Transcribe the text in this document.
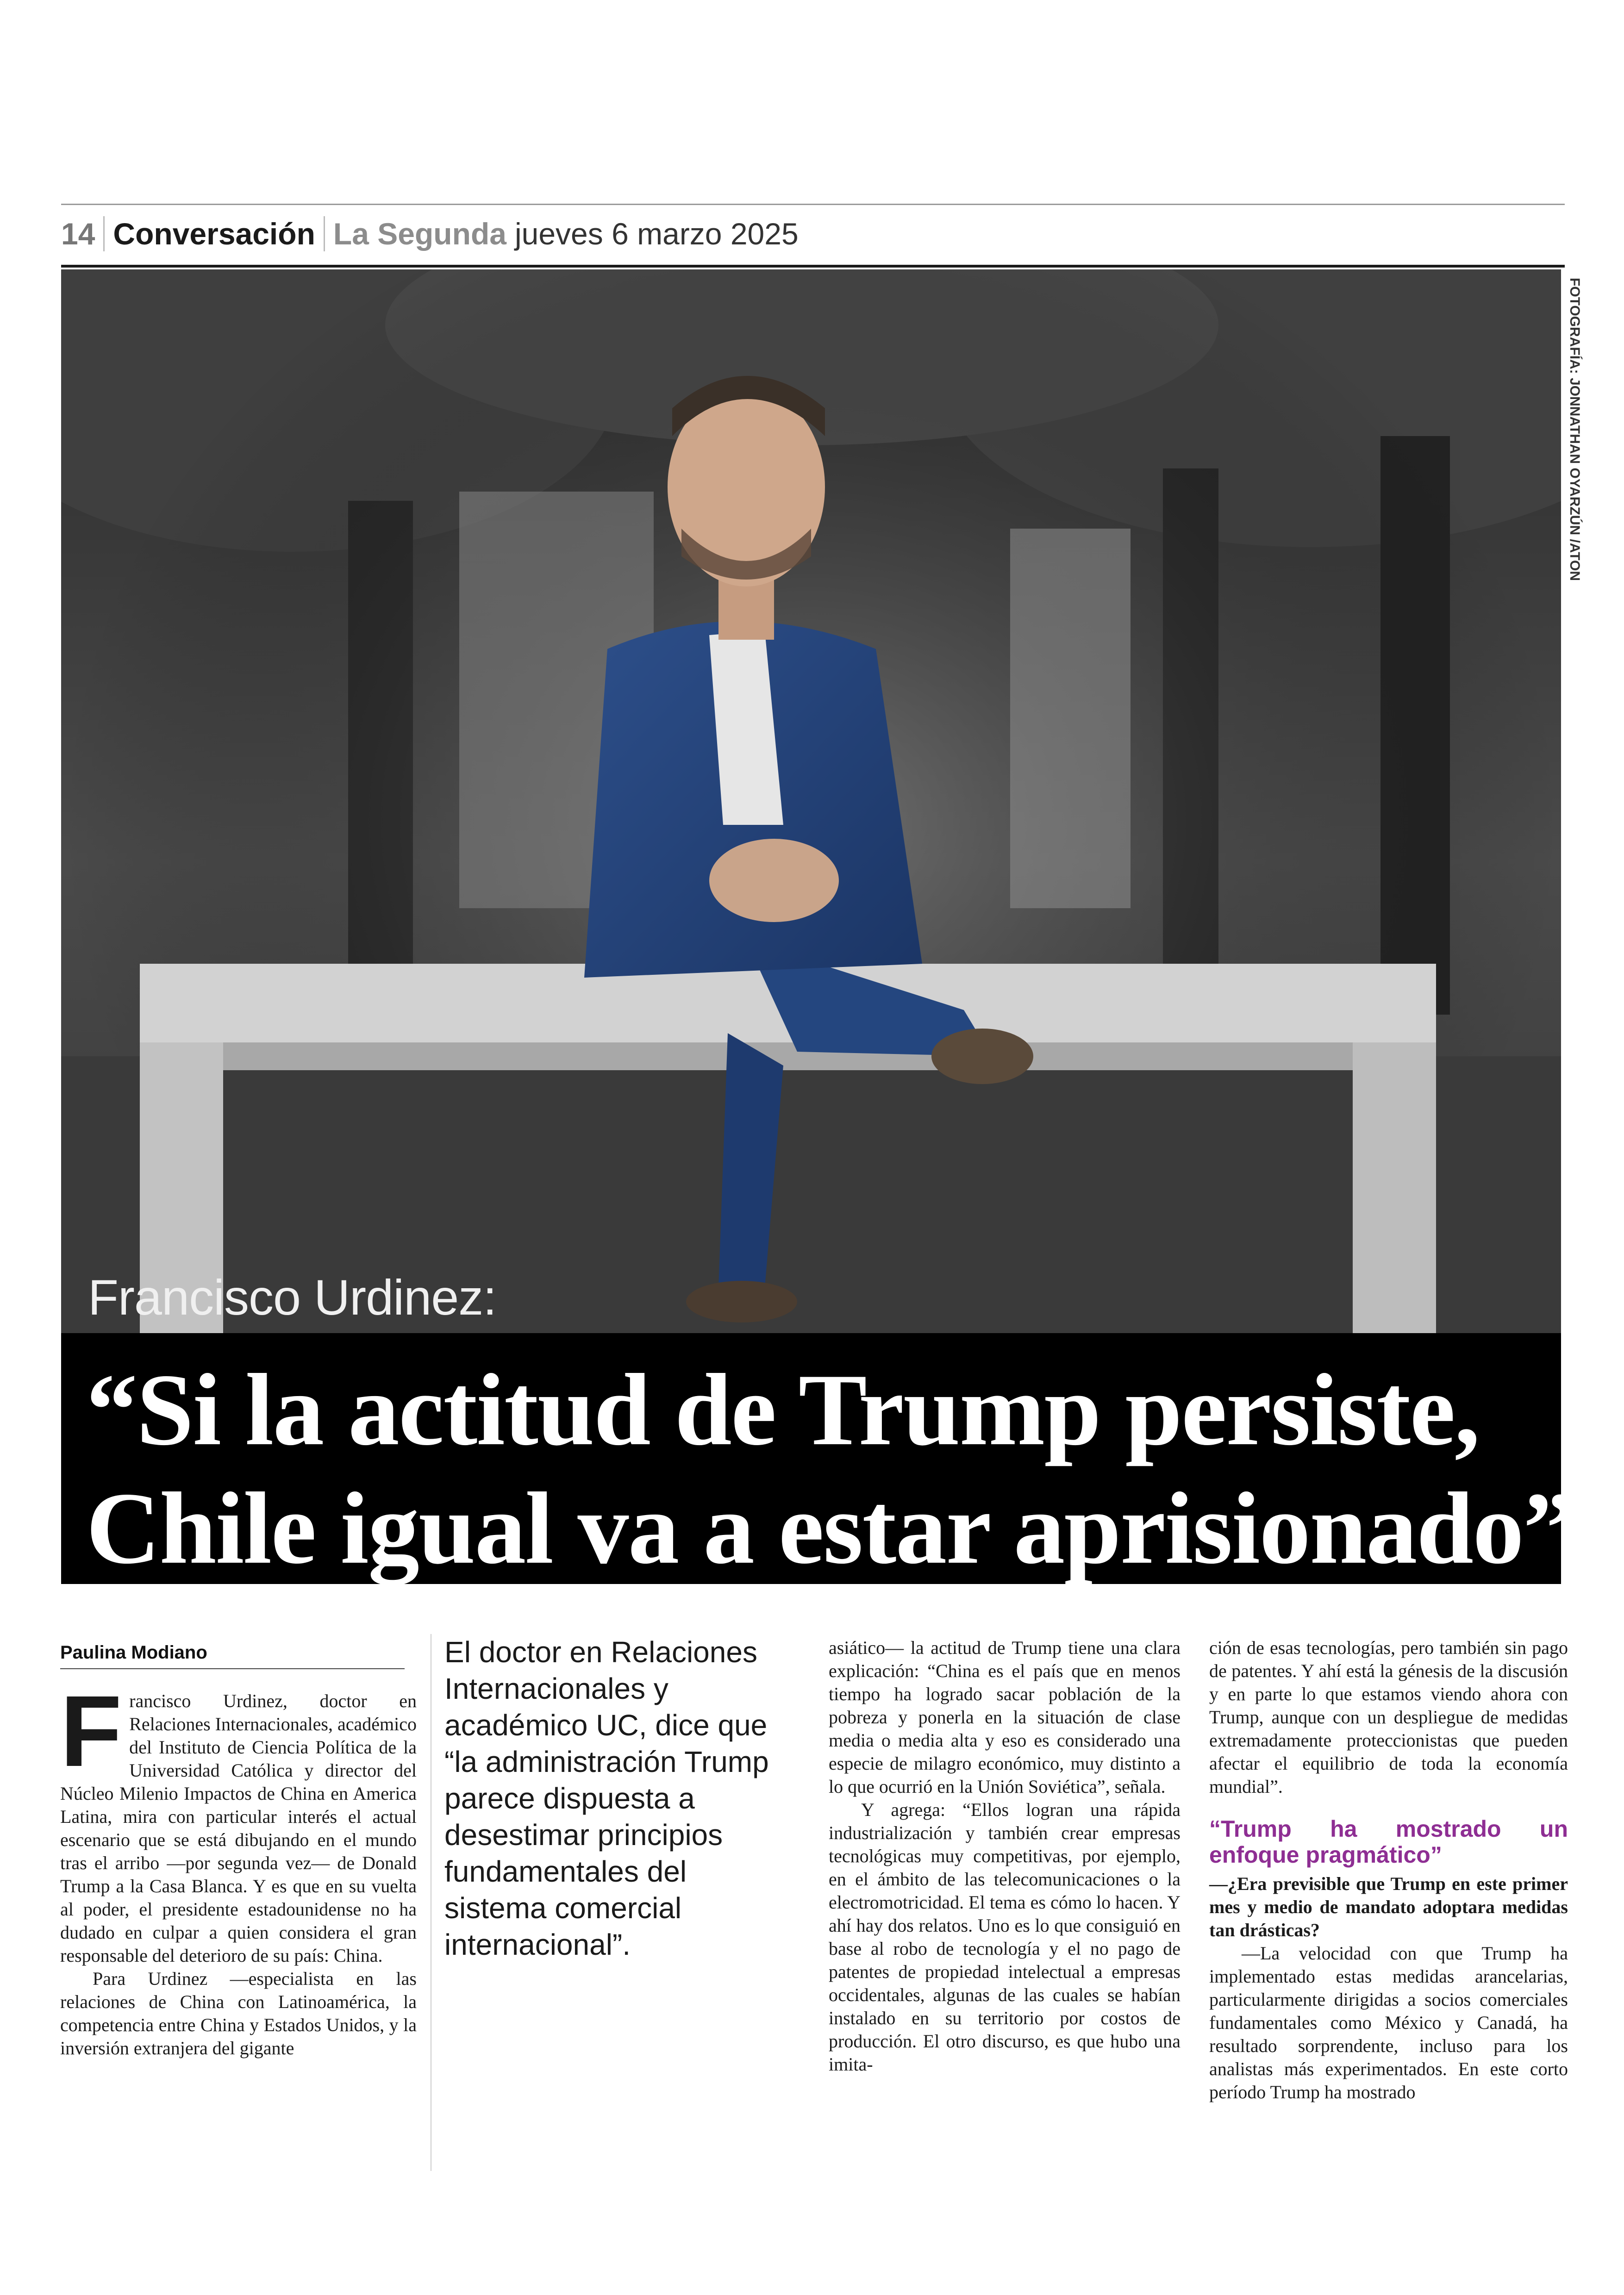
14 Conversación La Segunda jueves 6 marzo 2025
FOTOGRAFÍA: JONNATHAN OYARZÚN /ATON
Francisco Urdinez:
“Si la actitud de Trump persiste,
Chile igual va a estar aprisionado”
Paulina Modiano

Francisco Urdinez, doctor en Relaciones Internacionales, académico del Instituto de Ciencia Política de la Universidad Católica y director del Núcleo Milenio Impactos de China en America Latina, mira con particular interés el actual escenario que se está dibujando en el mundo tras el arribo —por segunda vez— de Donald Trump a la Casa Blanca. Y es que en su vuelta al poder, el presidente estadounidense no ha dudado en culpar a quien considera el gran responsable del deterioro de su país: China.

Para Urdinez —especialista en las relaciones de China con Latinoamérica, la competencia entre China y Estados Unidos, y la inversión extranjera del gigante

El doctor en Relaciones Internacionales y académico UC, dice que “la administración Trump parece dispuesta a desestimar principios fundamentales del sistema comercial internacional”.

asiático— la actitud de Trump tiene una clara explicación: “China es el país que en menos tiempo ha logrado sacar población de la pobreza y ponerla en la situación de clase media o media alta y eso es considerado una especie de milagro económico, muy distinto a lo que ocurrió en la Unión Soviética”, señala.

Y agrega: “Ellos logran una rápida industrialización y también crear empresas tecnológicas muy competitivas, por ejemplo, en el ámbito de las telecomunicaciones o la electromotricidad. El tema es cómo lo hacen. Y ahí hay dos relatos. Uno es lo que consiguió en base al robo de tecnología y el no pago de patentes de propiedad intelectual a empresas occidentales, algunas de las cuales se habían instalado en su territorio por costos de producción. El otro discurso, es que hubo una imita-

ción de esas tecnologías, pero también sin pago de patentes. Y ahí está la génesis de la discusión y en parte lo que estamos viendo ahora con Trump, aunque con un despliegue de medidas extremadamente proteccionistas que pueden afectar el equilibrio de toda la economía mundial”.

“Trump ha mostrado un enfoque pragmático”

—¿Era previsible que Trump en este primer mes y medio de mandato adoptara medidas tan drásticas?

—La velocidad con que Trump ha implementado estas medidas arancelarias, particularmente dirigidas a socios comerciales fundamentales como México y Canadá, ha resultado sorprendente, incluso para los analistas más experimentados. En este corto período Trump ha mostrado
